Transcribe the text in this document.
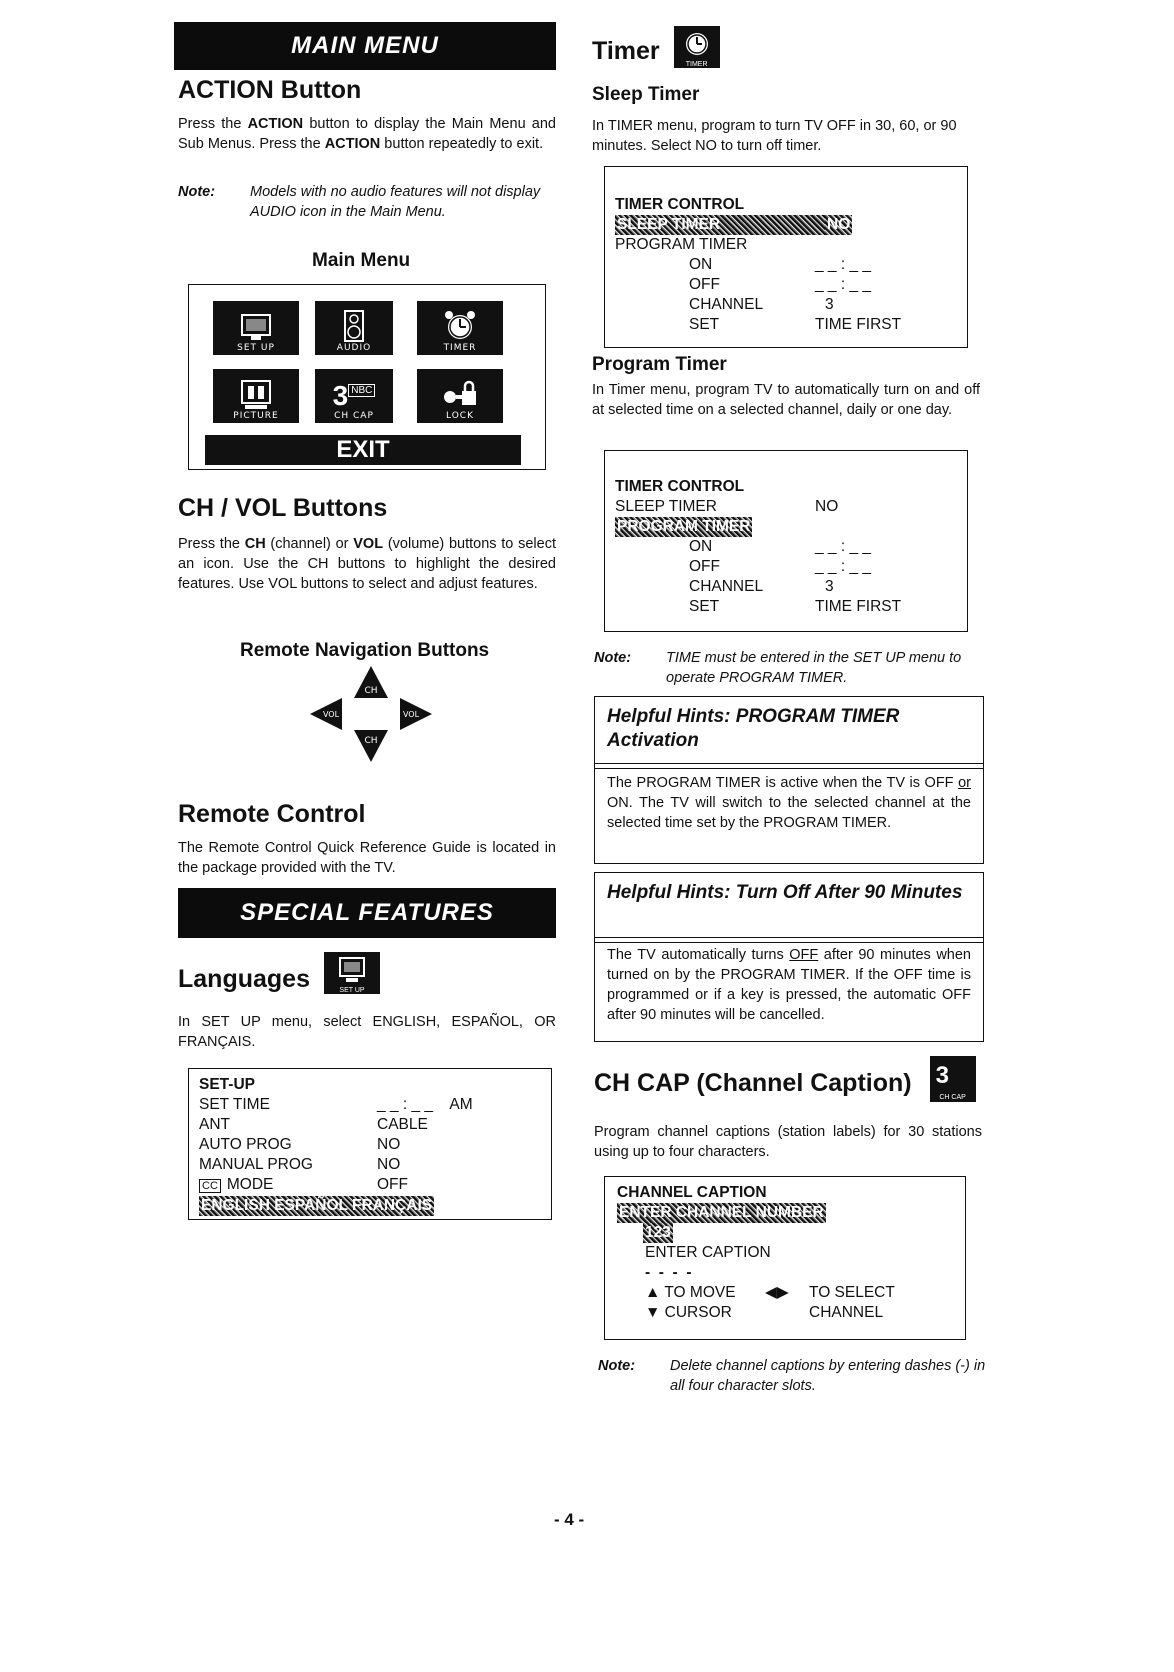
MAIN MENU
ACTION Button

Press the ACTION button to display the Main Menu and Sub Menus. Press the ACTION button repeatedly to exit.

Note:	Models with no audio features will not display AUDIO icon in the Main Menu.
Main Menu
SET UP	AUDIO	TIMER
PICTURE
3 NBC
CH CAP	LOCK
EXIT
CH / VOL Buttons

Press the CH (channel) or VOL (volume) buttons to select an icon. Use the CH buttons to highlight the desired features. Use VOL buttons to select and adjust features.

Remote Navigation Buttons
CH
VOL	VOL
CH
Remote Control

The Remote Control Quick Reference Guide is located in the package provided with the TV.

SPECIAL FEATURES
Languages	SET UP

In SET UP menu, select ENGLISH, ESPAÑOL, OR FRANÇAIS.

SET-UP
SET TIME	_ _ : _ _    AM
ANT	CABLE
AUTO PROG	NO
MANUAL PROG	NO
CC MODE	OFF
ENGLISH ESPAÑOL FRANÇAIS
Timer	TIMER
Sleep Timer

In TIMER menu, program to turn TV OFF in 30, 60, or 90 minutes. Select NO to turn off timer.

TIMER CONTROL
SLEEP TIMER	NO
PROGRAM TIMER
ON	_ _ : _ _
OFF	_ _ : _ _
CHANNEL	3
SET	TIME FIRST
Program Timer

In Timer menu, program TV to automatically turn on and off at selected time on a selected channel, daily or one day.

TIMER CONTROL
SLEEP TIMER	NO
PROGRAM TIMER
ON	_ _ : _ _
OFF	_ _ : _ _
CHANNEL	3
SET	TIME FIRST
Note:	TIME must be entered in the SET UP menu to operate PROGRAM TIMER.
Helpful Hints: PROGRAM TIMER Activation

The PROGRAM TIMER is active when the TV is OFF or ON. The TV will switch to the selected channel at the selected time set by the PROGRAM TIMER.

Helpful Hints: Turn Off After 90 Minutes

The TV automatically turns OFF after 90 minutes when turned on by the PROGRAM TIMER. If the OFF time is programmed or if a key is pressed, the automatic OFF after 90 minutes will be cancelled.

CH CAP (Channel Caption) 3
CH CAP

Program channel captions (station labels) for 30 stations using up to four characters.

CHANNEL CAPTION
ENTER CHANNEL NUMBER
123
ENTER CAPTION
-  -  -  -
▲ TO MOVE	◀▶	TO SELECT
▼ CURSOR	CHANNEL
Note:	Delete channel captions by entering dashes (-) in all four character slots.
- 4 -
